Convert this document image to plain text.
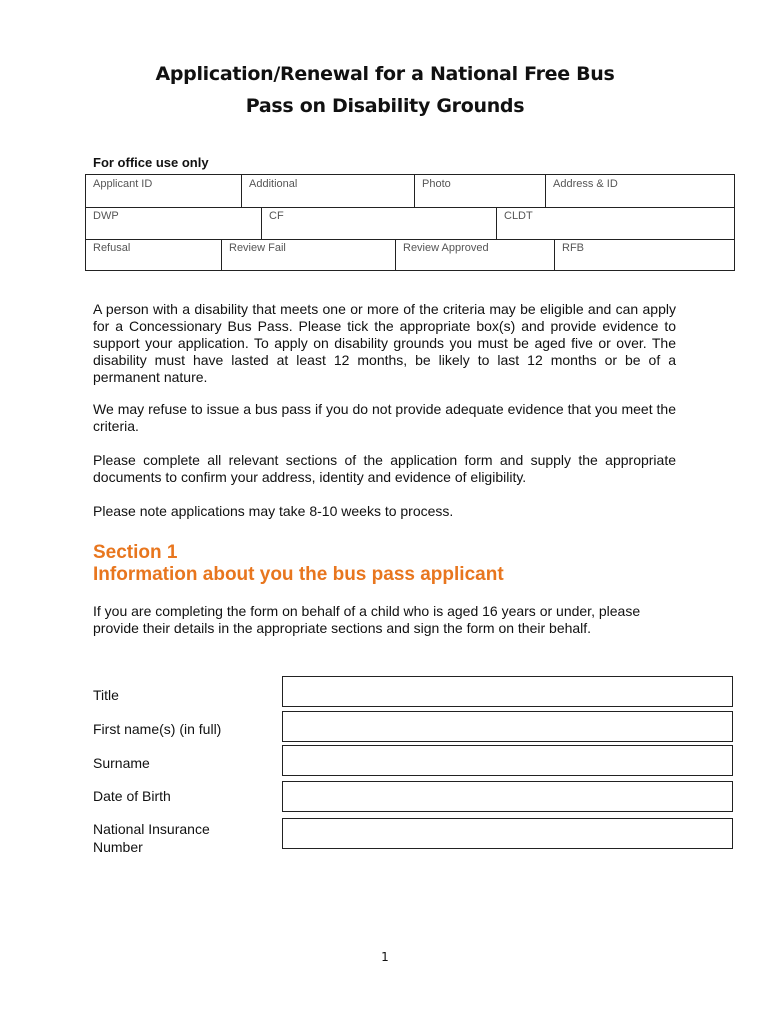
Application/Renewal for a National Free Bus
Pass on Disability Grounds
For office use only
Applicant ID	Additional	Photo	Address & ID
DWP	CF	CLDT
Refusal	Review Fail	Review Approved	RFB
A person with a disability that meets one or more of the criteria may be eligible and can apply for a Concessionary Bus Pass. Please tick the appropriate box(s) and provide evidence to support your application. To apply on disability grounds you must be aged five or over. The disability must have lasted at least 12 months, be likely to last 12 months or be of a permanent nature.
We may refuse to issue a bus pass if you do not provide adequate evidence that you meet the criteria.
Please complete all relevant sections of the application form and supply the appropriate documents to confirm your address, identity and evidence of eligibility.
Please note applications may take 8-10 weeks to process.
Section 1
Information about you the bus pass applicant
If you are completing the form on behalf of a child who is aged 16 years or under, please provide their details in the appropriate sections and sign the form on their behalf.
Title
First name(s) (in full)
Surname
Date of Birth
National Insurance Number
1
